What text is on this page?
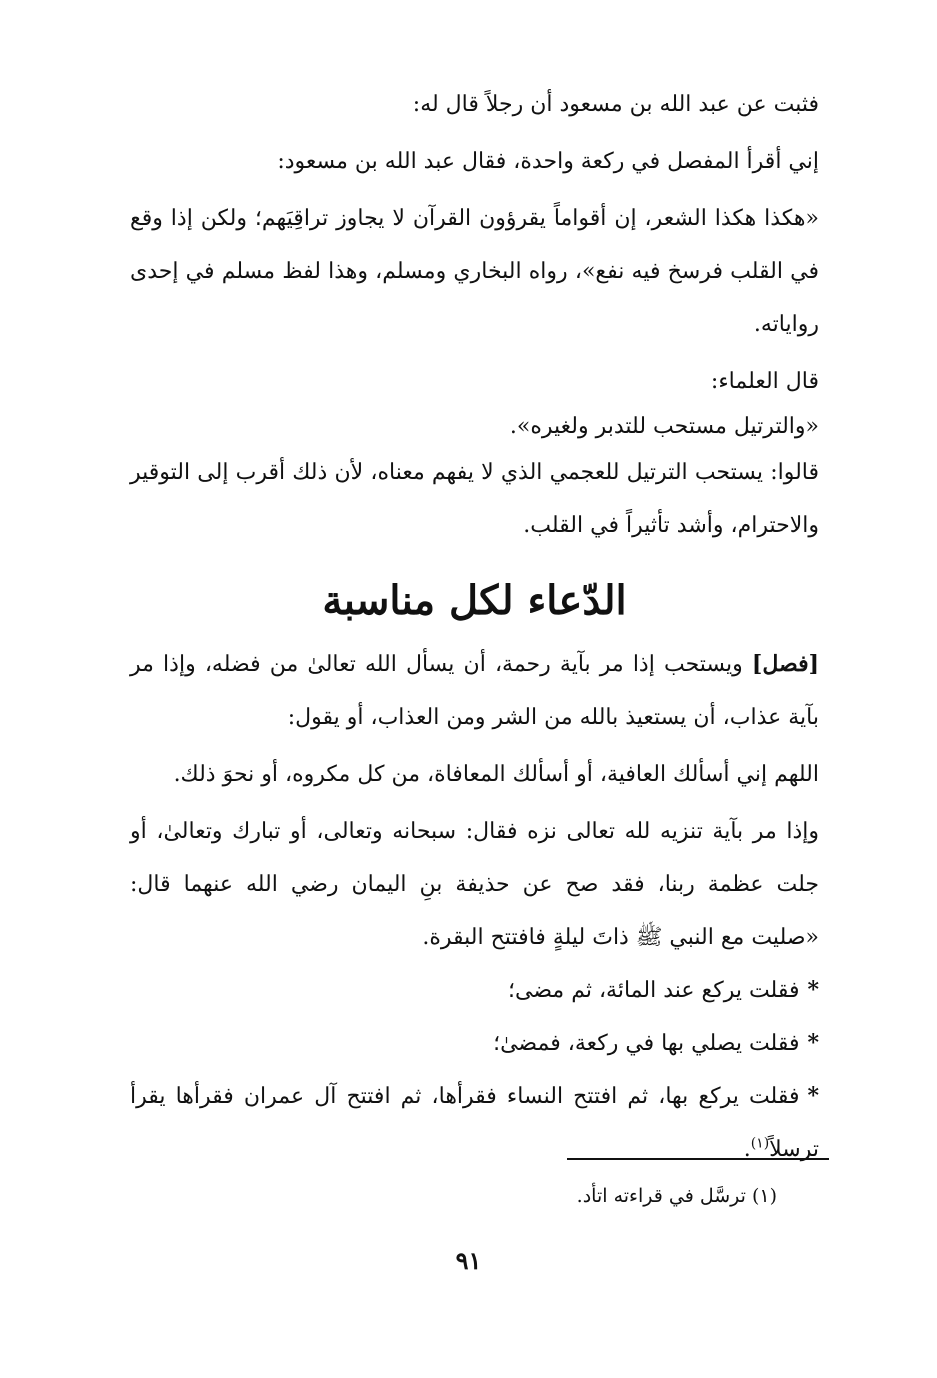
فثبت عن عبد الله بن مسعود أن رجلاً قال له:

إني أقرأ المفصل في ركعة واحدة، فقال عبد الله بن مسعود:

«هكذا هكذا الشعر، إن أقواماً يقرؤون القرآن لا يجاوز تراقِيَهم؛ ولكن إذا وقع في القلب فرسخ فيه نفع»، رواه البخاري ومسلم، وهذا لفظ مسلم في إحدى رواياته.

قال العلماء:

«والترتيل مستحب للتدبر ولغيره».

قالوا: يستحب الترتيل للعجمي الذي لا يفهم معناه، لأن ذلك أقرب إلى التوقير والاحترام، وأشد تأثيراً في القلب.

الدّعاء لكل مناسبة

[فصل] ويستحب إذا مر بآية رحمة، أن يسأل الله تعالىٰ من فضله، وإذا مر بآية عذاب، أن يستعيذ بالله من الشر ومن العذاب، أو يقول:

اللهم إني أسألك العافية، أو أسألك المعافاة، من كل مكروه، أو نحوَ ذلك.

وإذا مر بآية تنزيه لله تعالى نزه فقال: سبحانه وتعالى، أو تبارك وتعالىٰ، أو جلت عظمة ربنا، فقد صح عن حذيفة بنِ اليمان رضي الله عنهما قال: «صليت مع النبي ﷺ ذاتَ ليلةٍ فافتتح البقرة.

*فقلت يركع عند المائة، ثم مضى؛

*فقلت يصلي بها في ركعة، فمضىٰ؛

*فقلت يركع بها، ثم افتتح النساء فقرأها، ثم افتتح آل عمران فقرأها يقرأ ترسلاً$^{(١)}$.

(١) ترسَّل في قراءته اتأد.
٩١
